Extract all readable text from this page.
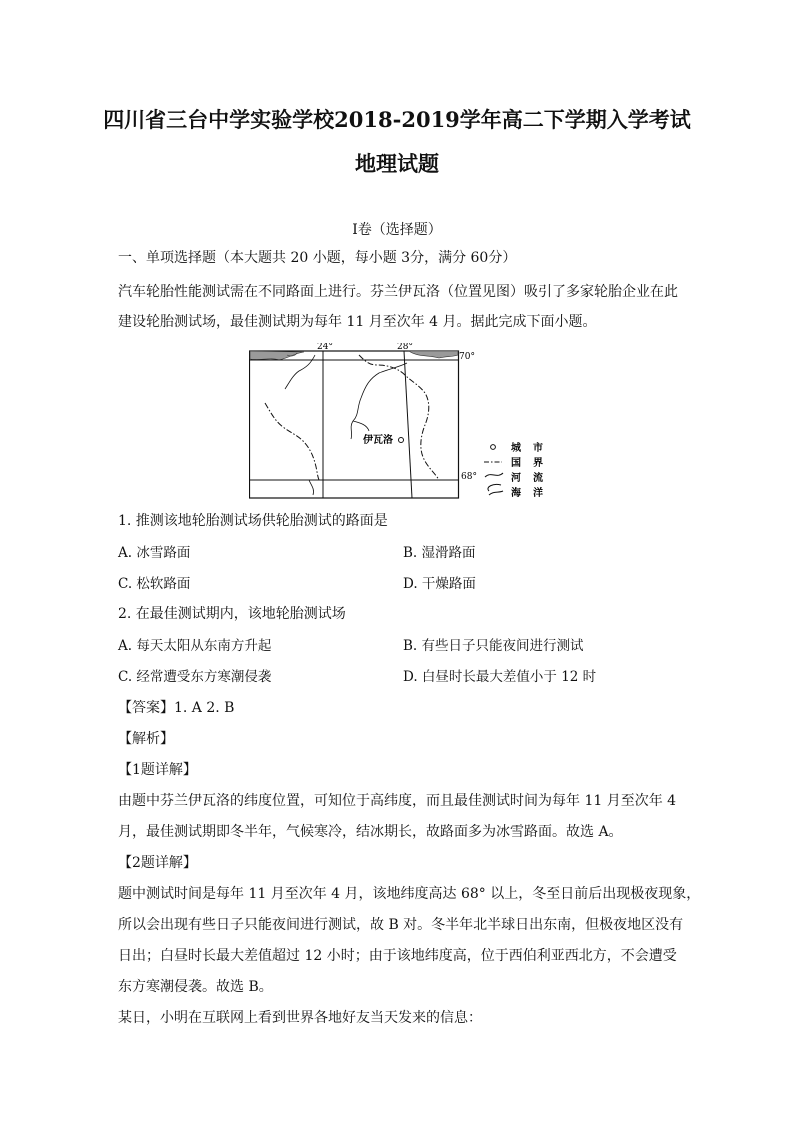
四川省三台中学实验学校2018-2019学年高二下学期入学考试
地理试题
Ⅰ卷（选择题）
一、单项选择题（本大题共 20 小题，每小题 3分，满分 60分）
汽车轮胎性能测试需在不同路面上进行。芬兰伊瓦洛（位置见图）吸引了多家轮胎企业在此
建设轮胎测试场，最佳测试期为每年 11 月至次年 4 月。据此完成下面小题。
24°	28°
70°
68°
伊瓦洛
城 市
国 界
河 流
海 洋
1. 推测该地轮胎测试场供轮胎测试的路面是
A. 冰雪路面	B. 湿滑路面
C. 松软路面	D. 干燥路面
2. 在最佳测试期内，该地轮胎测试场
A. 每天太阳从东南方升起	B. 有些日子只能夜间进行测试
C. 经常遭受东方寒潮侵袭	D. 白昼时长最大差值小于 12 时
【答案】1. A 2. B
【解析】
【1题详解】
由题中芬兰伊瓦洛的纬度位置，可知位于高纬度，而且最佳测试时间为每年 11 月至次年 4
月，最佳测试期即冬半年，气候寒冷，结冰期长，故路面多为冰雪路面。故选 A。
【2题详解】
题中测试时间是每年 11 月至次年 4 月，该地纬度高达 68° 以上，冬至日前后出现极夜现象，
所以会出现有些日子只能夜间进行测试，故 B 对。冬半年北半球日出东南，但极夜地区没有
日出；白昼时长最大差值超过 12 小时；由于该地纬度高，位于西伯利亚西北方，不会遭受
东方寒潮侵袭。故选 B。
某日，小明在互联网上看到世界各地好友当天发来的信息：
